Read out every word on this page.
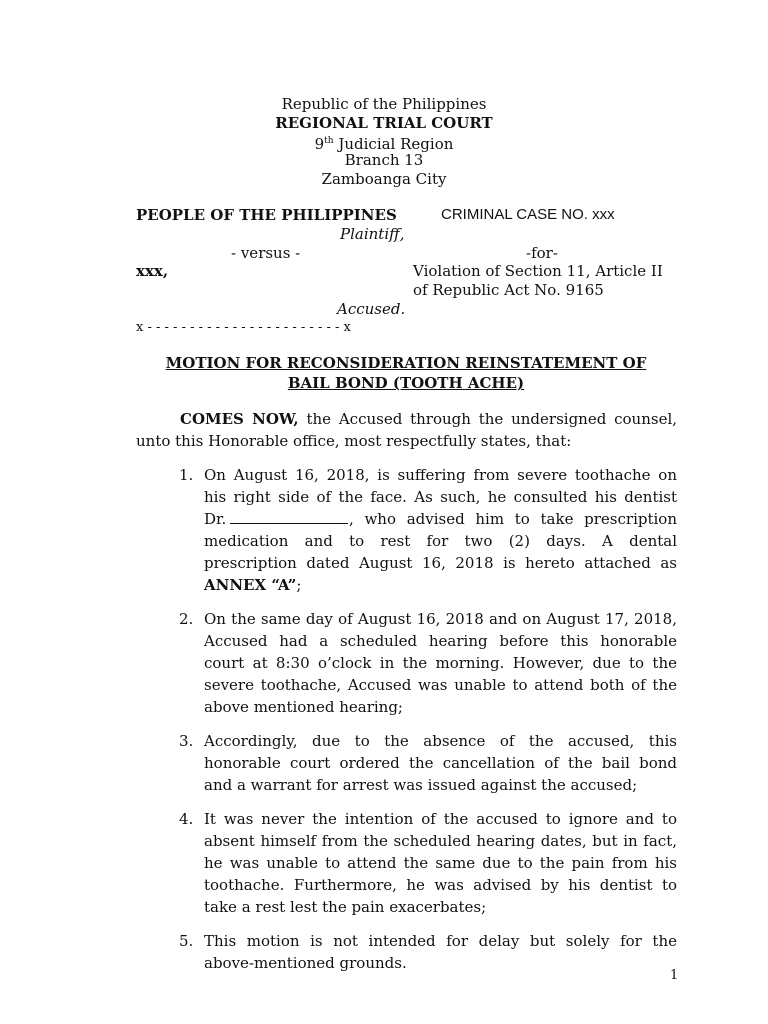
Republic of the Philippines
REGIONAL TRIAL COURT
9th Judicial Region
Branch 13
Zamboanga City
PEOPLE OF THE PHILIPPINES
Plaintiff,
- versus -
xxx,
Accused.
x - - - - - - - - - - - - - - - - - - - - - - - x
CRIMINAL CASE NO. xxx
-for-
Violation of Section 11, Article II
of Republic Act No. 9165
MOTION FOR RECONSIDERATION REINSTATEMENT OF
BAIL BOND (TOOTH ACHE)
COMES NOW, the Accused through the undersigned counsel,
unto this Honorable office, most respectfully states, that:
1. On August 16, 2018, is suffering from severe toothache on
his right side of the face. As such, he consulted his dentist
Dr.	, who advised him to take prescription
medication and to rest for two (2) days. A dental
prescription dated August 16, 2018 is hereto attached as
ANNEX “A”;
2. On the same day of August 16, 2018 and on August 17, 2018,
Accused had a scheduled hearing before this honorable
court at 8:30 o’clock in the morning. However, due to the
severe toothache, Accused was unable to attend both of the
above mentioned hearing;
3. Accordingly, due to the absence of the accused, this
honorable court ordered the cancellation of the bail bond
and a warrant for arrest was issued against the accused;
4. It was never the intention of the accused to ignore and to
absent himself from the scheduled hearing dates, but in fact,
he was unable to attend the same due to the pain from his
toothache. Furthermore, he was advised by his dentist to
take a rest lest the pain exacerbates;
5. This motion is not intended for delay but solely for the
above-mentioned grounds.
1
